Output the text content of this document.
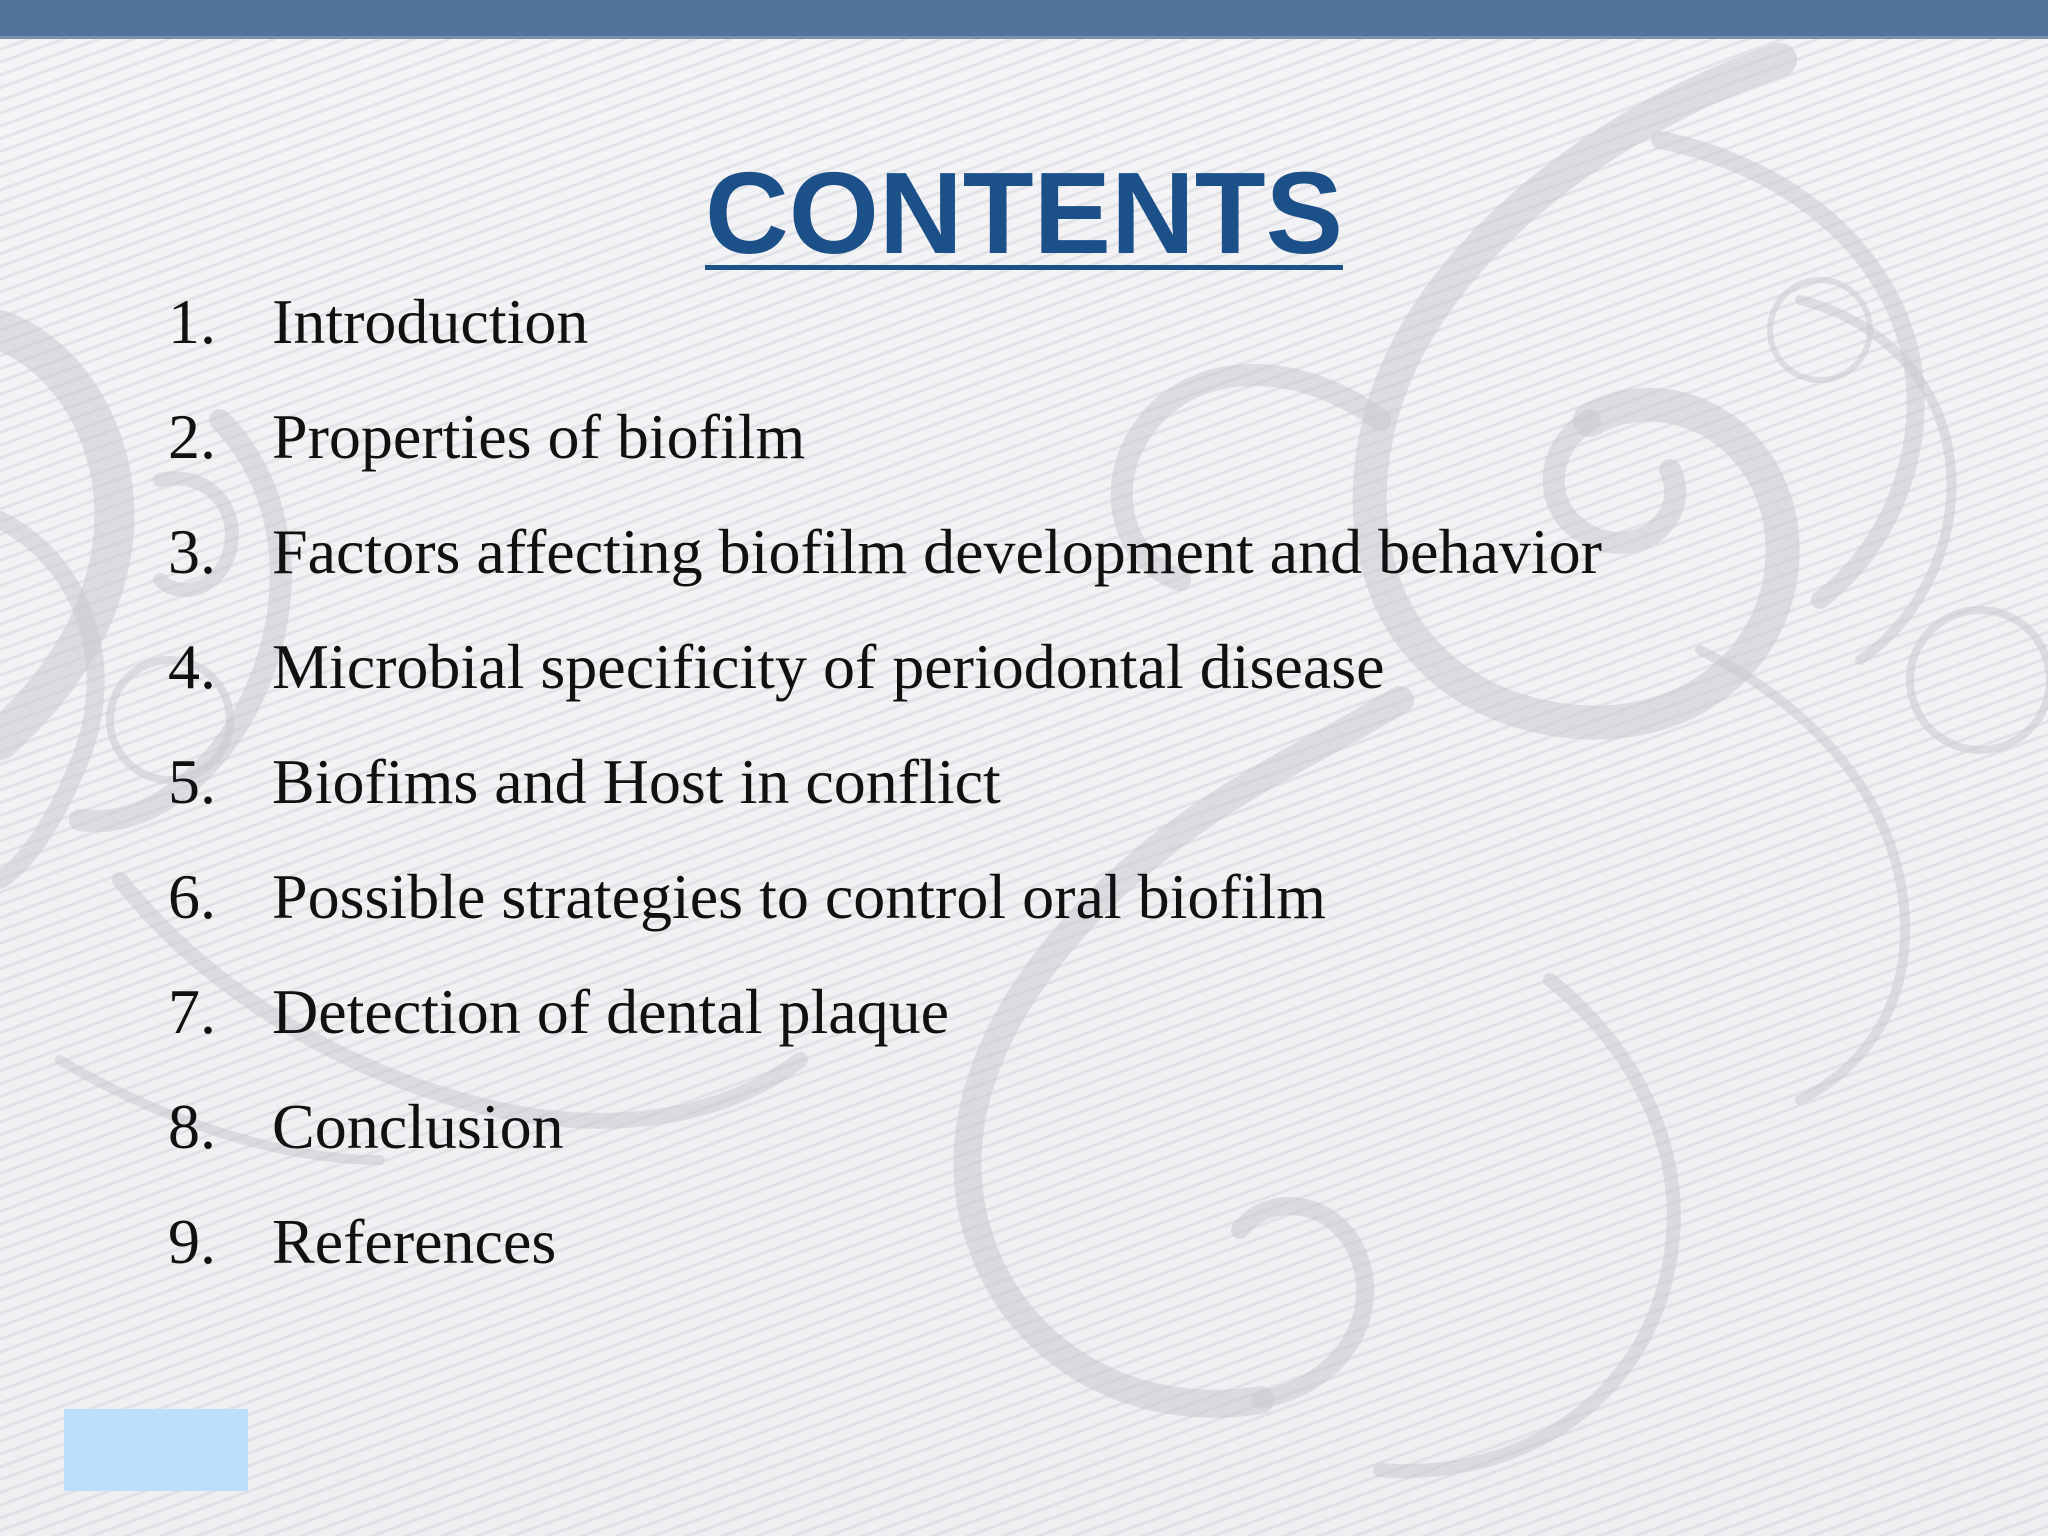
CONTENTS
1. Introduction
2. Properties of biofilm
3. Factors affecting biofilm development and behavior
4. Microbial specificity of periodontal disease
5. Biofims and Host in conflict
6. Possible strategies to control oral biofilm
7. Detection of dental plaque
8. Conclusion
9. References
